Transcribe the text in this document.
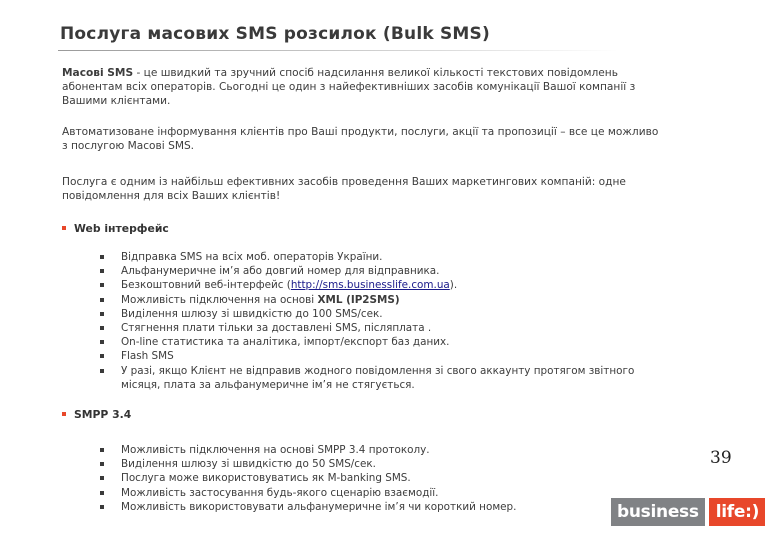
Послуга масових SMS розсилок (Bulk SMS)
Масові SMS - це швидкий та зручний спосіб надсилання великої кількості текстових повідомлень абонентам всіх операторів. Сьогодні це один з найефективніших засобів комунікації Вашої компанії з Вашими клієнтами.
Автоматизоване інформування клієнтів про Ваші продукти, послуги, акції та пропозиції – все це можливо з послугою Масові SMS.
Послуга є одним із найбільш ефективних засобів проведення Ваших маркетингових компаній: одне повідомлення для всіх Ваших клієнтів!
Web інтерфейс
Відправка SMS на всіх моб. операторів України.
Альфанумеричне ім’я або довгий номер для відправника.
Безкоштовний веб-інтерфейс (http://sms.businesslife.com.ua).
Можливість підключення на основі XML (IP2SMS)
Виділення шлюзу зі швидкістю до 100 SMS/сек.
Стягнення плати тільки за доставлені SMS, післяплата .
On-line статистика та аналітика, імпорт/експорт баз даних.
Flash SMS
У разі, якщо Клієнт не відправив жодного повідомлення зі свого аккаунту протягом звітного
місяця, плата за альфанумеричне ім’я не стягується.
SMPP 3.4
Можливість підключення на основі SMPP 3.4 протоколу.
Виділення шлюзу зі швидкістю до 50 SMS/сек.
Послуга може використовуватись як M-banking SMS.
Можливість застосування будь-якого сценарію взаємодії.
Можливість використовувати альфанумеричне ім’я чи короткий номер.
39
business	life:)
